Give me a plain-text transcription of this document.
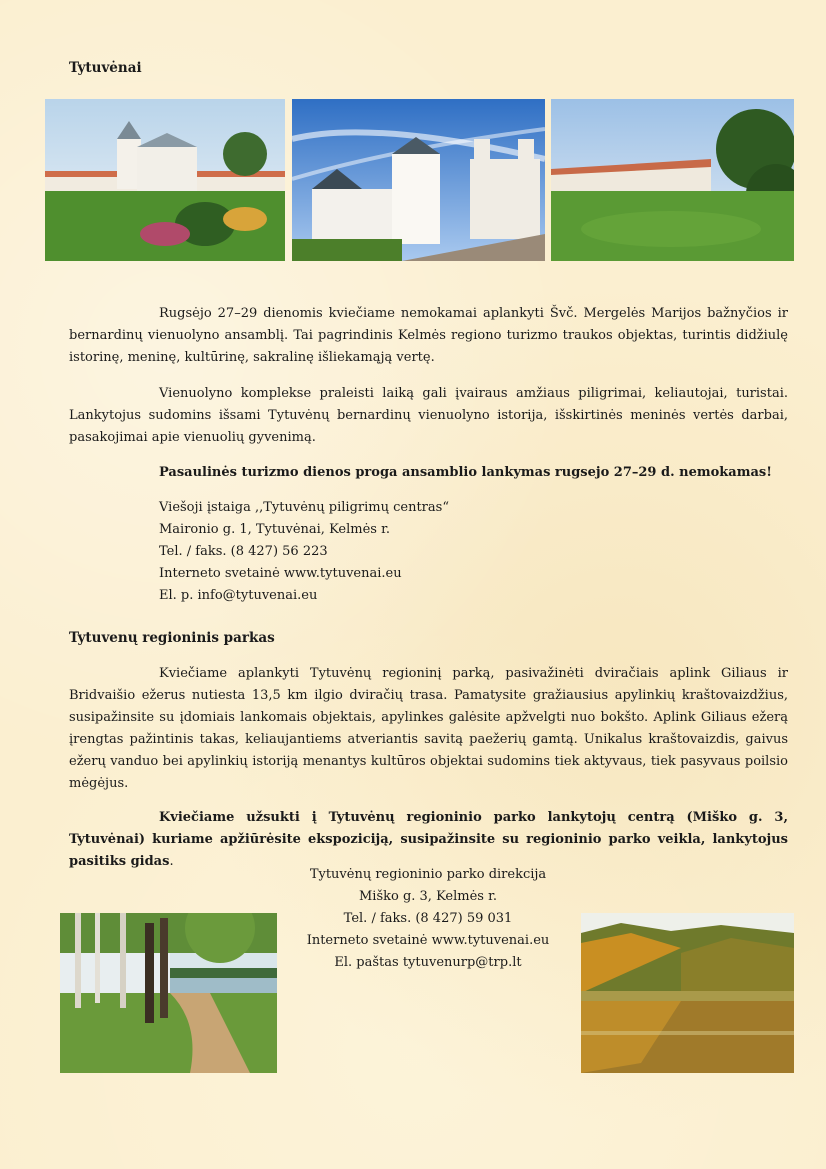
Tytuvėnai
Rugsėjo 27–29 dienomis kviečiame nemokamai aplankyti Švč. Mergelės Marijos bažnyčios ir bernardinų vienuolyno ansamblį. Tai pagrindinis Kelmės regiono turizmo traukos objektas, turintis didžiulę istorinę, meninę, kultūrinę, sakralinę išliekamąją vertę.
Vienuolyno komplekse praleisti laiką gali įvairaus amžiaus piligrimai, keliautojai, turistai. Lankytojus sudomins išsami Tytuvėnų bernardinų vienuolyno istorija, išskirtinės meninės vertės darbai, pasakojimai apie vienuolių gyvenimą.
Pasaulinės turizmo dienos proga ansamblio lankymas rugsejo 27–29 d. nemokamas!
Viešoji įstaiga ,,Tytuvėnų piligrimų centras“
Maironio g. 1, Tytuvėnai, Kelmės r.
Tel. / faks. (8 427) 56 223
Interneto svetainė www.tytuvenai.eu
El. p. info@tytuvenai.eu
Tytuvenų regioninis parkas
Kviečiame aplankyti Tytuvėnų regioninį parką, pasivažinėti dviračiais aplink Giliaus ir Bridvaišio ežerus nutiesta 13,5 km ilgio dviračių trasa. Pamatysite gražiausius apylinkių kraštovaizdžius, susipažinsite su įdomiais lankomais objektais, apylinkes galėsite apžvelgti nuo bokšto. Aplink Giliaus ežerą įrengtas pažintinis takas, keliaujantiems atveriantis savitą paežerių gamtą. Unikalus kraštovaizdis, gaivus ežerų vanduo bei apylinkių istoriją menantys kultūros objektai sudomins tiek aktyvaus, tiek pasyvaus poilsio mėgėjus.
Kviečiame užsukti į Tytuvėnų regioninio parko lankytojų centrą (Miško g. 3, Tytuvėnai) kuriame apžiūrėsite ekspoziciją, susipažinsite su regioninio parko veikla, lankytojus pasitiks gidas.
Tytuvėnų regioninio parko direkcija
Miško g. 3, Kelmės r.
Tel. / faks. (8 427) 59 031
Interneto svetainė www.tytuvenai.eu
El. paštas tytuvenurp@trp.lt
